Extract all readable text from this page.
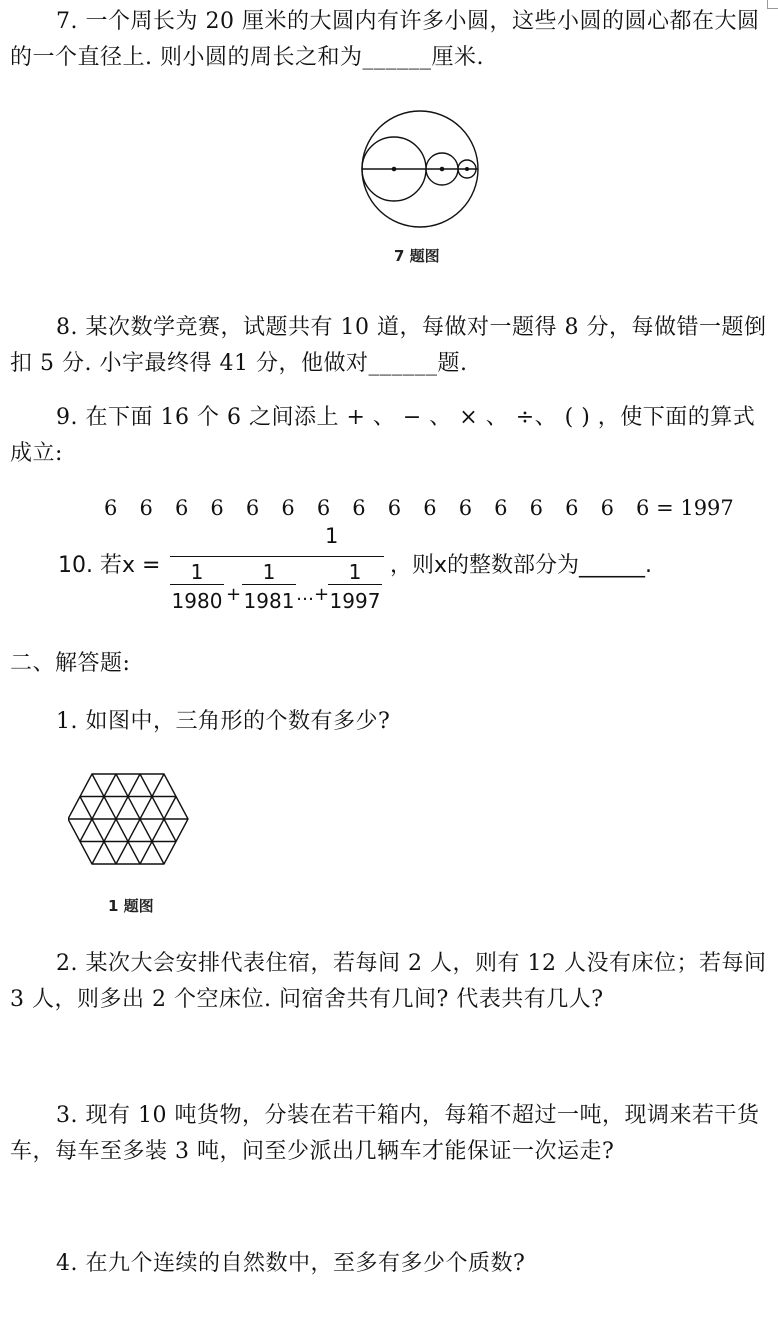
7. 一个周长为 20 厘米的大圆内有许多小圆，这些小圆的圆心都在大圆的一个直径上. 则小圆的周长之和为______厘米.
7 题图
8. 某次数学竞赛，试题共有 10 道，每做对一题得 8 分，每做错一题倒扣 5 分. 小宇最终得 41 分，他做对______题.
9. 在下面 16 个 6 之间添上 + 、 − 、 × 、 ÷、 ( ) ，使下面的算式成立:
6 6 6 6 6 6 6 6 6 6 6 6 6 6 6 6 = 1997
10. 若x =
1
1
1980 +
1
1981 …+
1
1997
，则x的整数部分为______.
二、解答题:
1. 如图中，三角形的个数有多少?
1 题图
2. 某次大会安排代表住宿，若每间 2 人，则有 12 人没有床位；若每间 3 人，则多出 2 个空床位. 问宿舍共有几间? 代表共有几人?
3. 现有 10 吨货物，分装在若干箱内，每箱不超过一吨，现调来若干货车，每车至多装 3 吨，问至少派出几辆车才能保证一次运走?
4. 在九个连续的自然数中，至多有多少个质数?
